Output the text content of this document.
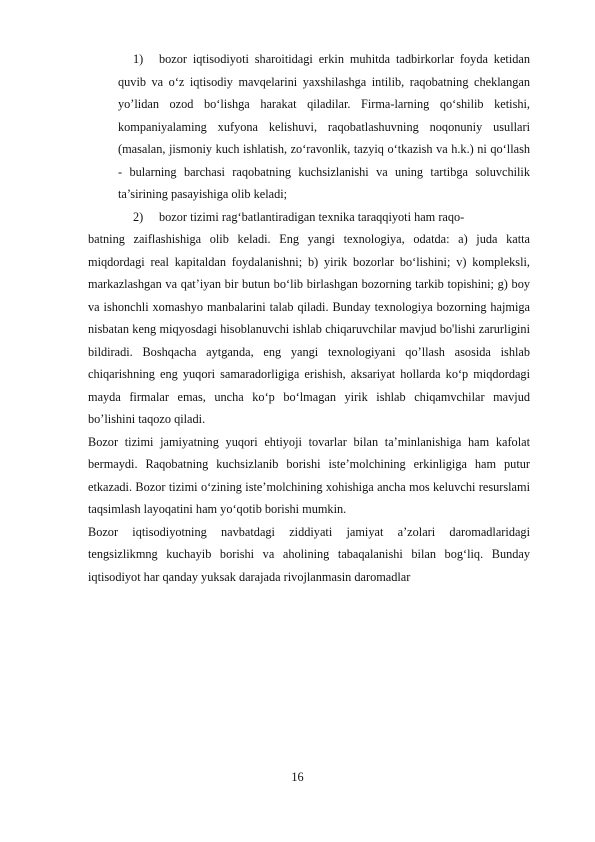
1) bozor iqtisodiyoti sharoitidagi erkin muhitda tadbirkorlar foyda ketidan quvib va o‘z iqtisodiy mavqelarini yaxshilashga intilib, raqobatning cheklangan yo’lidan ozod bo‘lishga harakat qiladilar. Firma-larning qo‘shilib ketishi, kompaniyalaming xufyona kelishuvi, raqobatlashuvning noqonuniy usullari (masalan, jismoniy kuch ishlatish, zo‘ravonlik, tazyiq o‘tkazish va h.k.) ni qo‘llash - bularning barchasi raqobatning kuchsizlanishi va uning tartibga soluvchilik ta’sirining pasayishiga olib keladi;

2) bozor tizimi rag‘batlantiradigan texnika taraqqiyoti ham raqo-

batning zaiflashishiga olib keladi. Eng yangi texnologiya, odatda: a) juda katta miqdordagi real kapitaldan foydalanishni; b) yirik bozorlar bo‘lishini; v) kompleksli, markazlashgan va qat’iyan bir butun bo‘lib birlashgan bozorning tarkib topishini; g) boy va ishonchli xomashyo manbalarini talab qiladi. Bunday texnologiya bozorning hajmiga nisbatan keng miqyosdagi hisoblanuvchi ishlab chiqaruvchilar mavjud bo'lishi zarurligini bildiradi. Boshqacha aytganda, eng yangi texnologiyani qo’llash asosida ishlab chiqarishning eng yuqori samaradorligiga erishish, aksariyat hollarda ko‘p miqdordagi mayda firmalar emas, uncha ko‘p bo‘lmagan yirik ishlab chiqamvchilar mavjud bo’lishini taqozo qiladi.

Bozor tizimi jamiyatning yuqori ehtiyoji tovarlar bilan ta’minlanishiga ham kafolat bermaydi. Raqobatning kuchsizlanib borishi iste’molchining erkinligiga ham putur etkazadi. Bozor tizimi o‘zining iste’molchining xohishiga ancha mos keluvchi resurslami taqsimlash layoqatini ham yo‘qotib borishi mumkin.

Bozor iqtisodiyotning navbatdagi ziddiyati jamiyat a’zolari daromadlaridagi tengsizlikmng kuchayib borishi va aholining tabaqalanishi bilan bog‘liq. Bunday iqtisodiyot har qanday yuksak darajada rivojlanmasin daromadlar

16
